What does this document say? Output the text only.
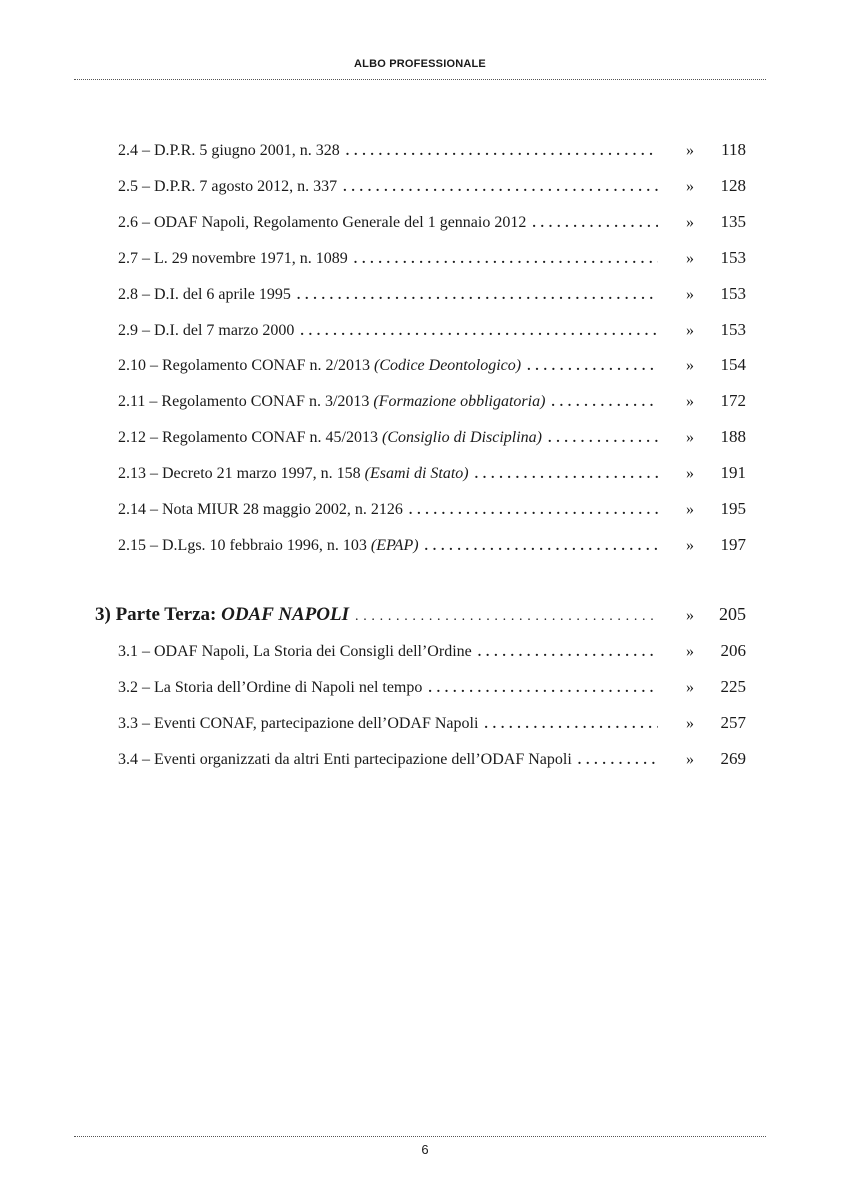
ALBO PROFESSIONALE
2.4 – D.P.R. 5 giugno 2001, n. 328 . . .	»	118
2.5 – D.P.R. 7 agosto 2012, n. 337 . . .	»	128
2.6 – ODAF Napoli, Regolamento Generale del 1 gennaio 2012 . . .	»	135
2.7 – L. 29 novembre 1971, n. 1089 . . .	»	153
2.8 – D.I. del 6 aprile 1995 . . .	»	153
2.9 – D.I. del 7 marzo 2000 . . .	»	153
2.10 – Regolamento CONAF n. 2/2013 (Codice Deontologico) . . .	»	154
2.11 – Regolamento CONAF n. 3/2013 (Formazione obbligatoria) . . .	»	172
2.12 – Regolamento CONAF n. 45/2013 (Consiglio di Disciplina) . . .	»	188
2.13 – Decreto 21 marzo 1997, n. 158 (Esami di Stato) . . .	»	191
2.14 – Nota MIUR 28 maggio 2002, n. 2126 . . .	»	195
2.15 – D.Lgs. 10 febbraio 1996, n. 103 (EPAP) . . .	»	197
3) Parte Terza: ODAF NAPOLI . . .	»	205
3.1 – ODAF Napoli, La Storia dei Consigli dell’Ordine . . .	»	206
3.2 – La Storia dell’Ordine di Napoli nel tempo . . .	»	225
3.3 – Eventi CONAF, partecipazione dell’ODAF Napoli . . .	»	257
3.4 – Eventi organizzati da altri Enti partecipazione dell’ODAF Napoli . . .	»	269
6
